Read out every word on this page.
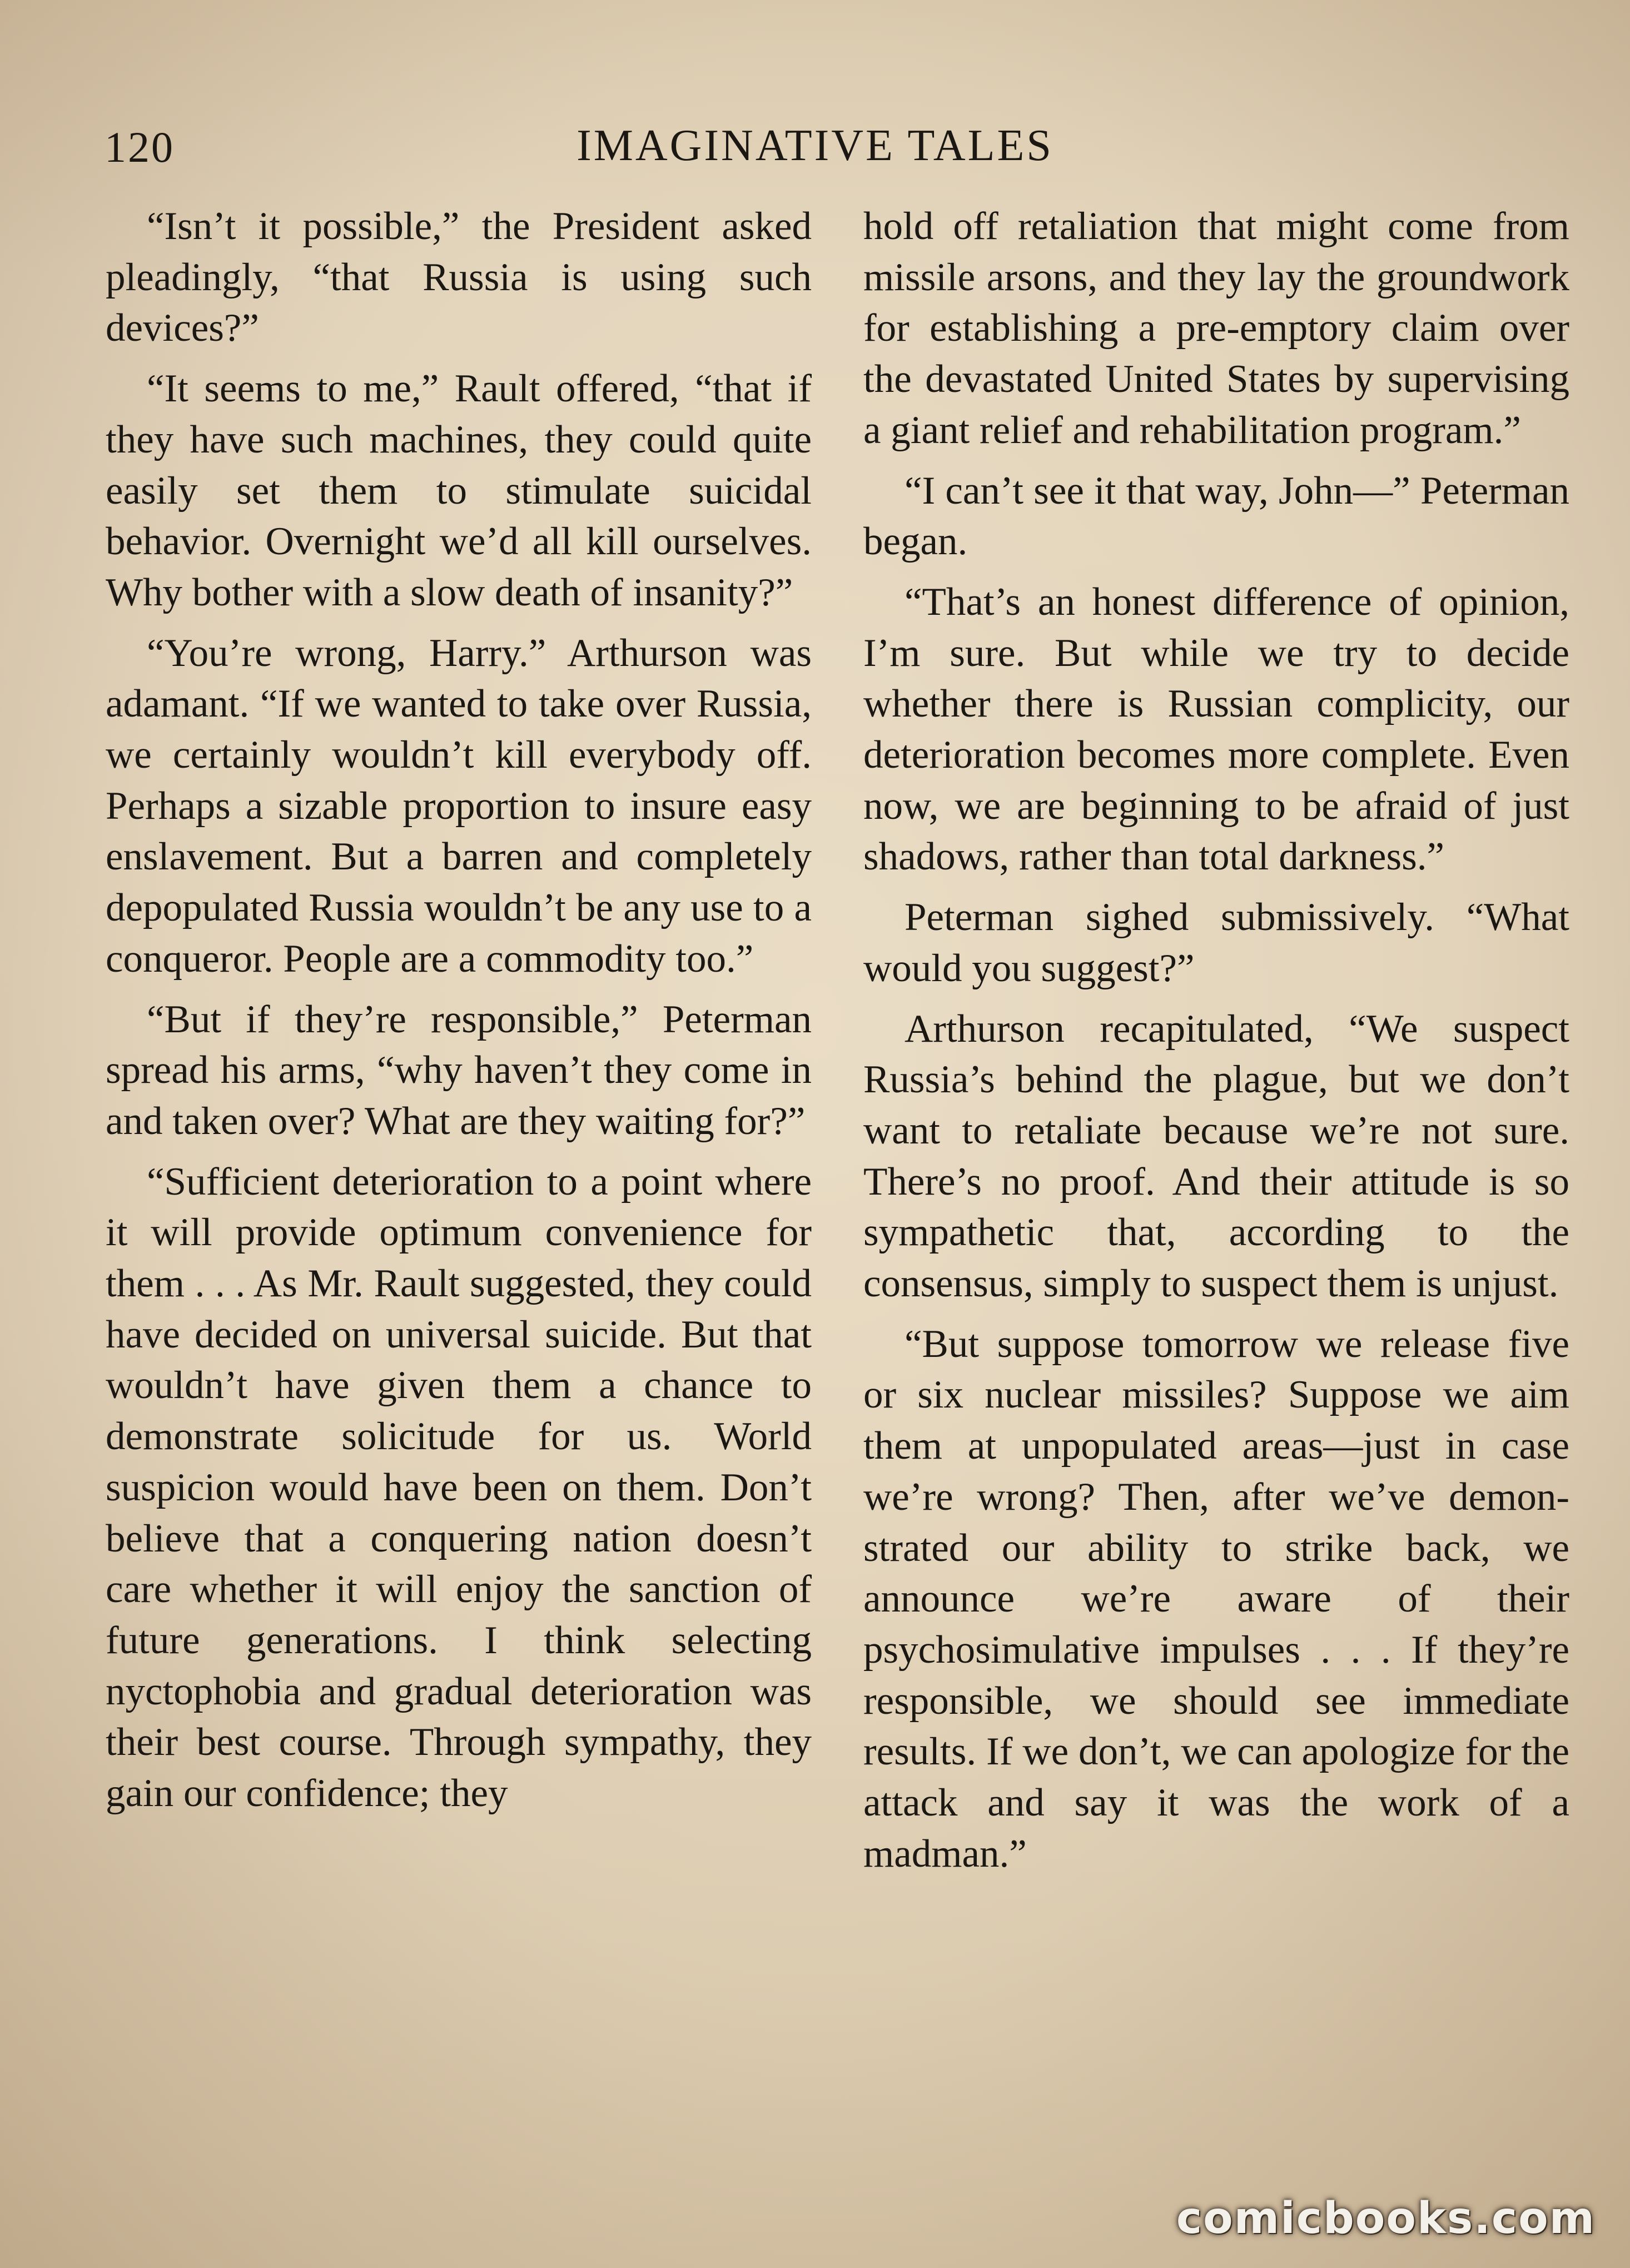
120	IMAGINATIVE TALES

“Isn’t it possible,” the President asked pleadingly, “that Russia is using such devices?”

“It seems to me,” Rault offered, “that if they have such machines, they could quite easily set them to stimulate suicidal behavior. Overnight we’d all kill ourselves. Why bother with a slow death of insanity?”

“You’re wrong, Harry.” Arthurson was adamant. “If we wanted to take over Russia, we certainly wouldn’t kill everybody off. Perhaps a sizable proportion to insure easy enslavement. But a barren and completely depopulated Russia wouldn’t be any use to a conqueror. People are a commodity too.”

“But if they’re responsible,” Peterman spread his arms, “why haven’t they come in and taken over? What are they waiting for?”

“Sufficient deterioration to a point where it will provide optimum convenience for them . . . As Mr. Rault suggested, they could have decided on universal suicide. But that wouldn’t have given them a chance to demonstrate solicitude for us. World suspicion would have been on them. Don’t believe that a conquering nation doesn’t care whether it will enjoy the sanction of future generations. I think selecting nyctophobia and gradual deterioration was their best course. Through sympathy, they gain our confidence; they

hold off retaliation that might come from missile arsons, and they lay the groundwork for establishing a pre-emptory claim over the devastated United States by supervising a giant relief and rehabilitation program.”

“I can’t see it that way, John—” Peterman began.

“That’s an honest difference of opinion, I’m sure. But while we try to decide whether there is Russian complicity, our deterioration becomes more complete. Even now, we are beginning to be afraid of just shadows, rather than total darkness.”

Peterman sighed submissively. “What would you suggest?”

Arthurson recapitulated, “We suspect Russia’s behind the plague, but we don’t want to retaliate because we’re not sure. There’s no proof. And their attitude is so sympathetic that, according to the consensus, simply to suspect them is unjust.

“But suppose tomorrow we release five or six nuclear missiles? Suppose we aim them at unpopulated areas—just in case we’re wrong? Then, after we’ve demonstrated our ability to strike back, we announce we’re aware of their psychosimulative impulses . . . If they’re responsible, we should see immediate results. If we don’t, we can apologize for the attack and say it was the work of a madman.”

comicbooks.com
